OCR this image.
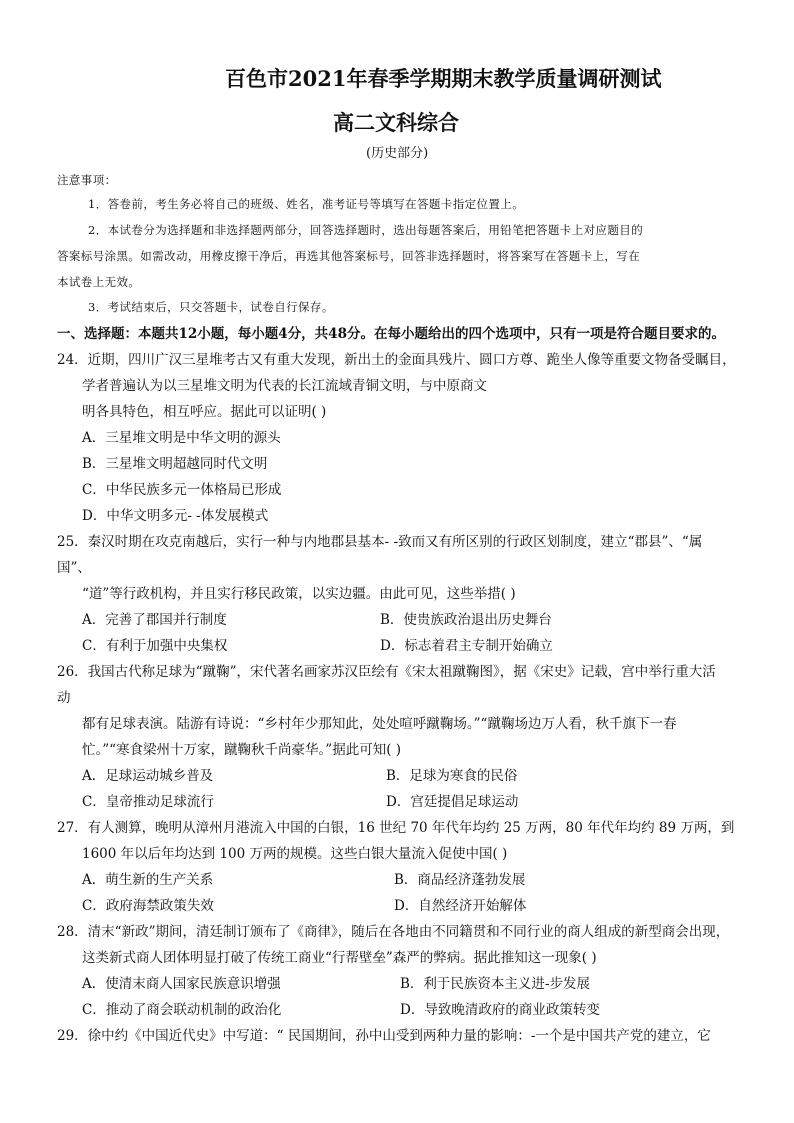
百色市2021年春季学期期末教学质量调研测试
高二文科综合
(历史部分)
注意事项：
1．答卷前，考生务必将自己的班级、姓名，准考证号等填写在答题卡指定位置上。
2．本试卷分为选择题和非选择题两部分，回答选择题时，选出每题答案后，用铅笔把答题卡上对应题目的
答案标号涂黑。如需改动，用橡皮擦干净后，再选其他答案标号，回答非选择题时，将答案写在答题卡上，写在
本试卷上无效。
3．考试结束后，只交答题卡，试卷自行保存。
一、选择题：本题共12小题，每小题4分，共48分。在每小题给出的四个选项中，只有一项是符合题目要求的。
24．近期，四川广汉三星堆考古又有重大发现，新出土的金面具残片、圆口方尊、跪坐人像等重要文物备受瞩目，
学者普遍认为以三星堆文明为代表的长江流域青铜文明，与中原商文
明各具特色，相互呼应。据此可以证明( )
A．三星堆文明是中华文明的源头
B．三星堆文明超越同时代文明
C．中华民族多元一体格局已形成
D．中华文明多元- -体发展模式
25．秦汉时期在攻克南越后，实行一种与内地郡县基本- -致而又有所区别的行政区划制度，建立“郡县”、“属
国”、
“道”等行政机构，并且实行移民政策，以实边疆。由此可见，这些举措( )
A．完善了郡国并行制度	B．使贵族政治退出历史舞台
C．有利于加强中央集权	D．标志着君主专制开始确立
26．我国古代称足球为“蹴鞠”，宋代著名画家苏汉臣绘有《宋太祖蹴鞠图》，据《宋史》记载，宫中举行重大活
动
都有足球表演。陆游有诗说：“乡村年少那知此，处处喧呼蹴鞠场。”“蹴鞠场边万人看，秋千旗下一春
忙。”“寒食梁州十万家，蹴鞠秋千尚豪华。”据此可知( )
A．足球运动城乡普及	B．足球为寒食的民俗
C．皇帝推动足球流行	D．宫廷提倡足球运动
27．有人测算，晚明从漳州月港流入中国的白银，16 世纪 70 年代年均约 25 万两，80 年代年均约 89 万两，到
1600 年以后年均达到 100 万两的规模。这些白银大量流入促使中国( )
A．萌生新的生产关系	B．商品经济蓬勃发展
C．政府海禁政策失效	D．自然经济开始解体
28．清末“新政”期间，清廷制订颁布了《商律》，随后在各地由不同籍贯和不同行业的商人组成的新型商会出现，
这类新式商人团体明显打破了传统工商业“行帮壁垒”森严的弊病。据此推知这一现象( )
A．使清末商人国家民族意识增强	B．利于民族资本主义进-步发展
C．推动了商会联动机制的政治化	D．导致晚清政府的商业政策转变
29．徐中约《中国近代史》中写道：“ 民国期间，孙中山受到两种力量的影响：-一个是中国共产党的建立，它
